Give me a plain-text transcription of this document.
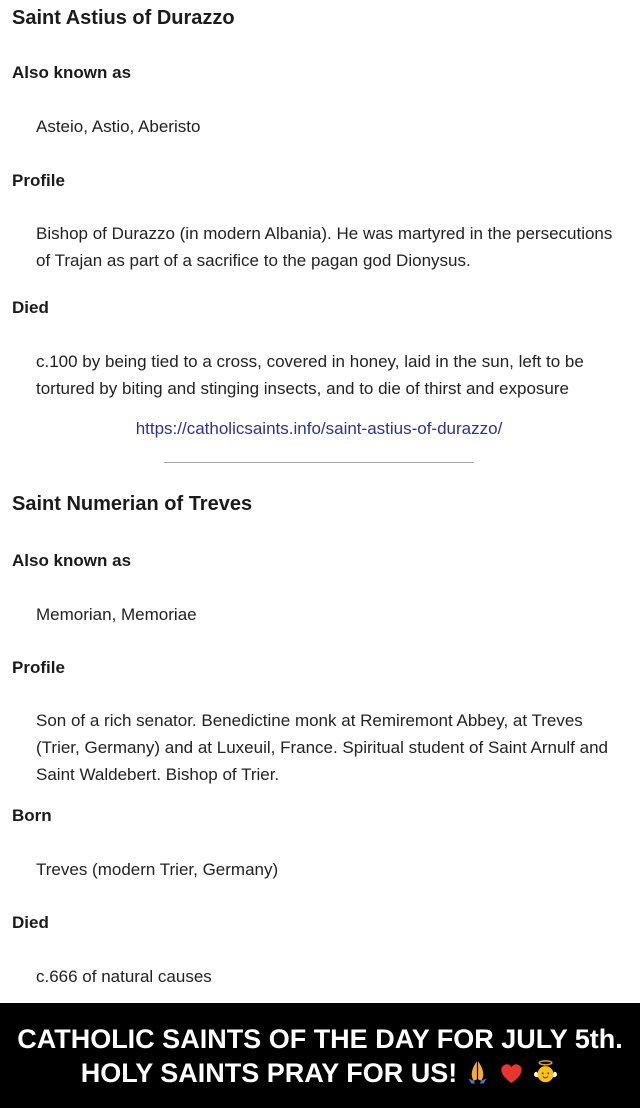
Saint Astius of Durazzo
Also known as

Asteio, Astio, Aberisto

Profile

Bishop of Durazzo (in modern Albania). He was martyred in the persecutions of Trajan as part of a sacrifice to the pagan god Dionysus.

Died

c.100 by being tied to a cross, covered in honey, laid in the sun, left to be tortured by biting and stinging insects, and to die of thirst and exposure

https://catholicsaints.info/saint-astius-of-durazzo/
Saint Numerian of Treves
Also known as

Memorian, Memoriae

Profile

Son of a rich senator. Benedictine monk at Remiremont Abbey, at Treves (Trier, Germany) and at Luxeuil, France. Spiritual student of Saint Arnulf and Saint Waldebert. Bishop of Trier.

Born

Treves (modern Trier, Germany)

Died

c.666 of natural causes

CATHOLIC SAINTS OF THE DAY FOR JULY 5th.
HOLY SAINTS PRAY FOR US!
